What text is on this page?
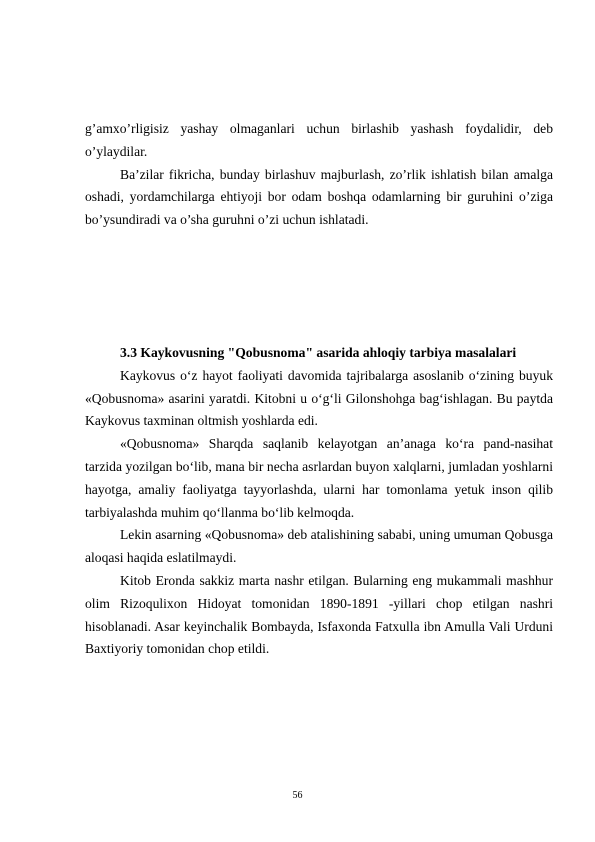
g’amxo’rligisiz yashay olmaganlari uchun birlashib yashash foydalidir, deb o’ylaydilar.

Ba’zilar fikricha, bunday birlashuv majburlash, zo’rlik ishlatish bilan amalga oshadi, yordamchilarga ehtiyoji bor odam boshqa odamlarning bir guruhini o’ziga bo’ysundiradi va o’sha guruhni o’zi uchun ishlatadi.

3.3 Kaykovusning "Qobusnoma" asarida ahloqiy tarbiya masalalari

Kaykovus o‘z hayot faoliyati davomida tajribalarga asoslanib o‘zining buyuk «Qobusnoma» asarini yaratdi. Kitobni u o‘g‘li Gilonshohga bag‘ishlagan. Bu paytda Kaykovus taxminan oltmish yoshlarda edi.

«Qobusnoma» Sharqda saqlanib kelayotgan an’anaga ko‘ra pand-nasihat tarzida yozilgan bo‘lib, mana bir necha asrlardan buyon xalqlarni, jumladan yoshlarni hayotga, amaliy faoliyatga tayyorlashda, ularni har tomonlama yetuk inson qilib tarbiyalashda muhim qo‘llanma bo‘lib kelmoqda.

Lekin asarning «Qobusnoma» deb atalishining sababi, uning umuman Qobusga aloqasi haqida eslatilmaydi.

Kitob Eronda sakkiz marta nashr etilgan. Bularning eng mukammali mashhur olim Rizoqulixon Hidoyat tomonidan 1890-1891 -yillari chop etilgan nashri hisoblanadi. Asar keyinchalik Bombayda, Isfaxonda Fatxulla ibn Amulla Vali Urduni Baxtiyoriy tomonidan chop etildi.

56
